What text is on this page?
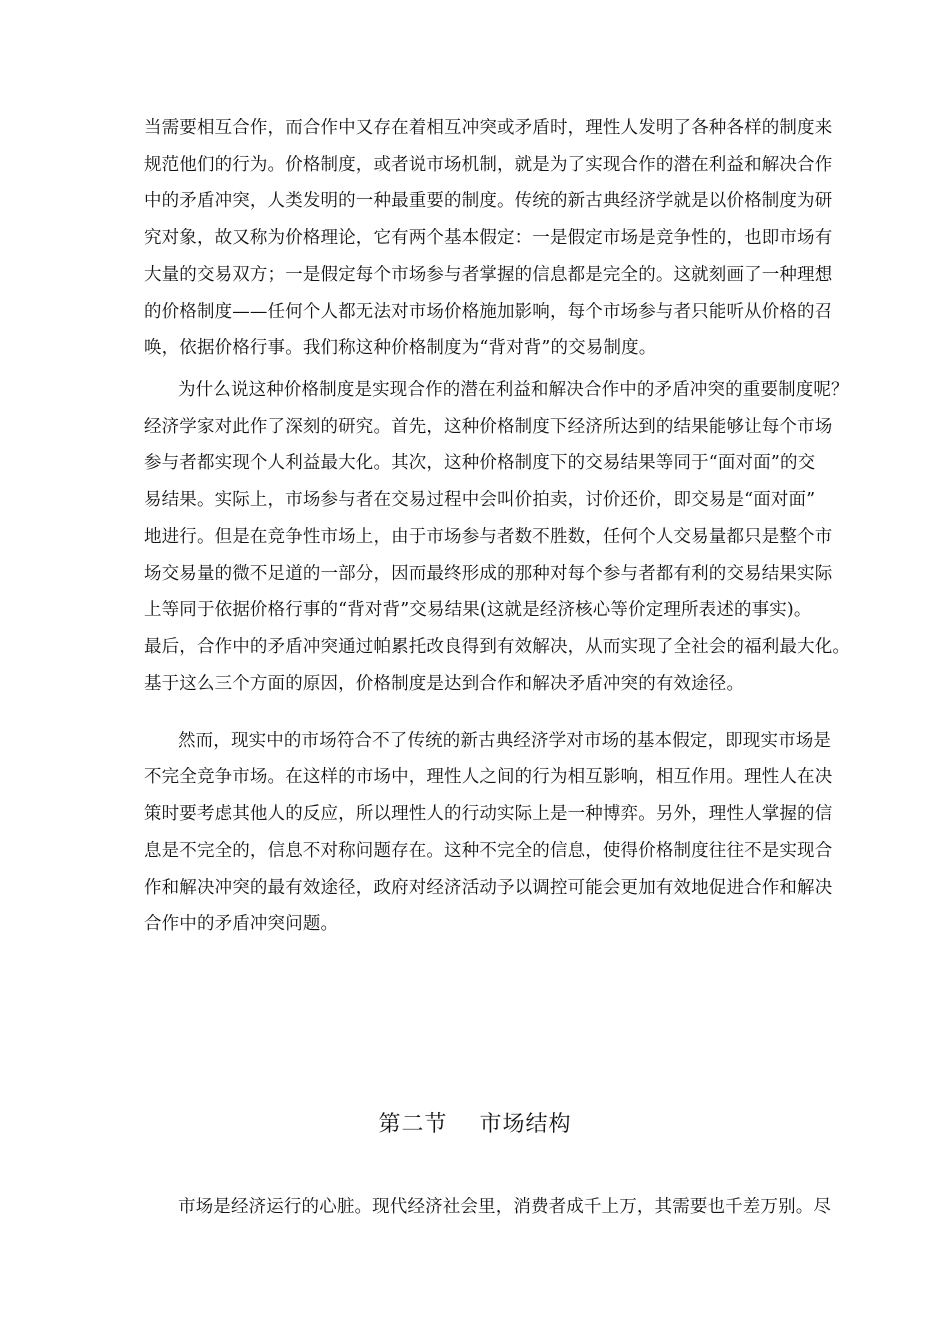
当需要相互合作，而合作中又存在着相互冲突或矛盾时，理性人发明了各种各样的制度来
规范他们的行为。价格制度，或者说市场机制，就是为了实现合作的潜在利益和解决合作
中的矛盾冲突，人类发明的一种最重要的制度。传统的新古典经济学就是以价格制度为研
究对象，故又称为价格理论，它有两个基本假定：一是假定市场是竞争性的，也即市场有
大量的交易双方；一是假定每个市场参与者掌握的信息都是完全的。这就刻画了一种理想
的价格制度——任何个人都无法对市场价格施加影响，每个市场参与者只能听从价格的召
唤，依据价格行事。我们称这种价格制度为“背对背”的交易制度。
为什么说这种价格制度是实现合作的潜在利益和解决合作中的矛盾冲突的重要制度呢？
经济学家对此作了深刻的研究。首先，这种价格制度下经济所达到的结果能够让每个市场
参与者都实现个人利益最大化。其次，这种价格制度下的交易结果等同于“面对面”的交
易结果。实际上，市场参与者在交易过程中会叫价拍卖，讨价还价，即交易是“面对面”
地进行。但是在竞争性市场上，由于市场参与者数不胜数，任何个人交易量都只是整个市
场交易量的微不足道的一部分，因而最终形成的那种对每个参与者都有利的交易结果实际
上等同于依据价格行事的“背对背”交易结果(这就是经济核心等价定理所表述的事实)。
最后，合作中的矛盾冲突通过帕累托改良得到有效解决，从而实现了全社会的福利最大化。
基于这么三个方面的原因，价格制度是达到合作和解决矛盾冲突的有效途径。
然而，现实中的市场符合不了传统的新古典经济学对市场的基本假定，即现实市场是
不完全竞争市场。在这样的市场中，理性人之间的行为相互影响，相互作用。理性人在决
策时要考虑其他人的反应，所以理性人的行动实际上是一种博弈。另外，理性人掌握的信
息是不完全的，信息不对称问题存在。这种不完全的信息，使得价格制度往往不是实现合
作和解决冲突的最有效途径，政府对经济活动予以调控可能会更加有效地促进合作和解决
合作中的矛盾冲突问题。
第二节    市场结构
市场是经济运行的心脏。现代经济社会里，消费者成千上万，其需要也千差万别。尽
